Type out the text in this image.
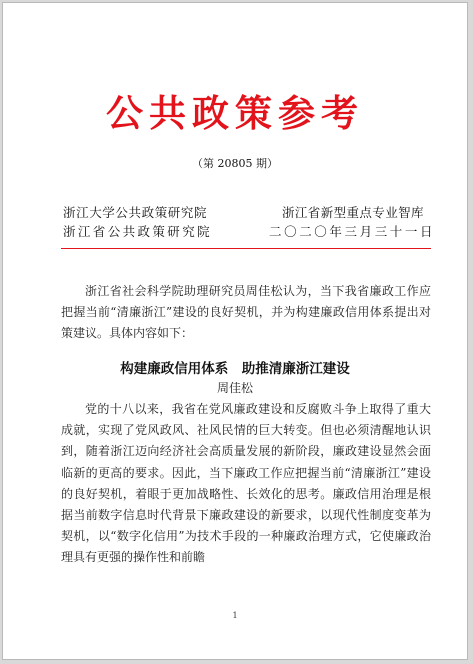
公共政策参考
（第 20805 期）
浙江大学公共政策研究院
浙江省公共政策研究院
浙江省新型重点专业智库
二〇二〇年三月三十一日

浙江省社会科学院助理研究员周佳松认为，当下我省廉政工作应把握当前“清廉浙江”建设的良好契机，并为构建廉政信用体系提出对策建议。具体内容如下：

构建廉政信用体系　助推清廉浙江建设
周佳松

党的十八以来，我省在党风廉政建设和反腐败斗争上取得了重大成就，实现了党风政风、社风民情的巨大转变。但也必须清醒地认识到，随着浙江迈向经济社会高质量发展的新阶段，廉政建设显然会面临新的更高的要求。因此，当下廉政工作应把握当前“清廉浙江”建设的良好契机，着眼于更加战略性、长效化的思考。廉政信用治理是根据当前数字信息时代背景下廉政建设的新要求，以现代性制度变革为契机，以“数字化信用”为技术手段的一种廉政治理方式，它使廉政治理具有更强的操作性和前瞻

1
